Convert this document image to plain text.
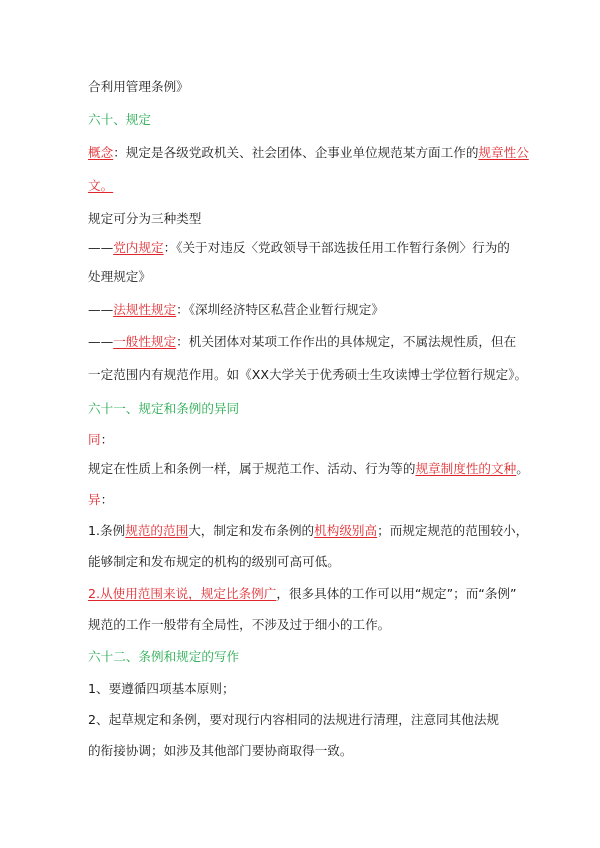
合利用管理条例》
六十、规定
概念：规定是各级党政机关、社会团体、企事业单位规范某方面工作的规章性公
文。
规定可分为三种类型
——党内规定：《关于对违反〈党政领导干部选拔任用工作暂行条例〉行为的
处理规定》
——法规性规定：《深圳经济特区私营企业暂行规定》
——一般性规定：机关团体对某项工作作出的具体规定，不属法规性质，但在
一定范围内有规范作用。如《XX大学关于优秀硕士生攻读博士学位暂行规定》。
六十一、规定和条例的异同
同：
规定在性质上和条例一样，属于规范工作、活动、行为等的规章制度性的文种。
异：
1.条例规范的范围大，制定和发布条例的机构级别高；而规定规范的范围较小，
能够制定和发布规定的机构的级别可高可低。
2.从使用范围来说，规定比条例广，很多具体的工作可以用“规定”；而“条例”
规范的工作一般带有全局性，不涉及过于细小的工作。
六十二、条例和规定的写作
1、要遵循四项基本原则；
2、起草规定和条例，要对现行内容相同的法规进行清理，注意同其他法规
的衔接协调；如涉及其他部门要协商取得一致。
